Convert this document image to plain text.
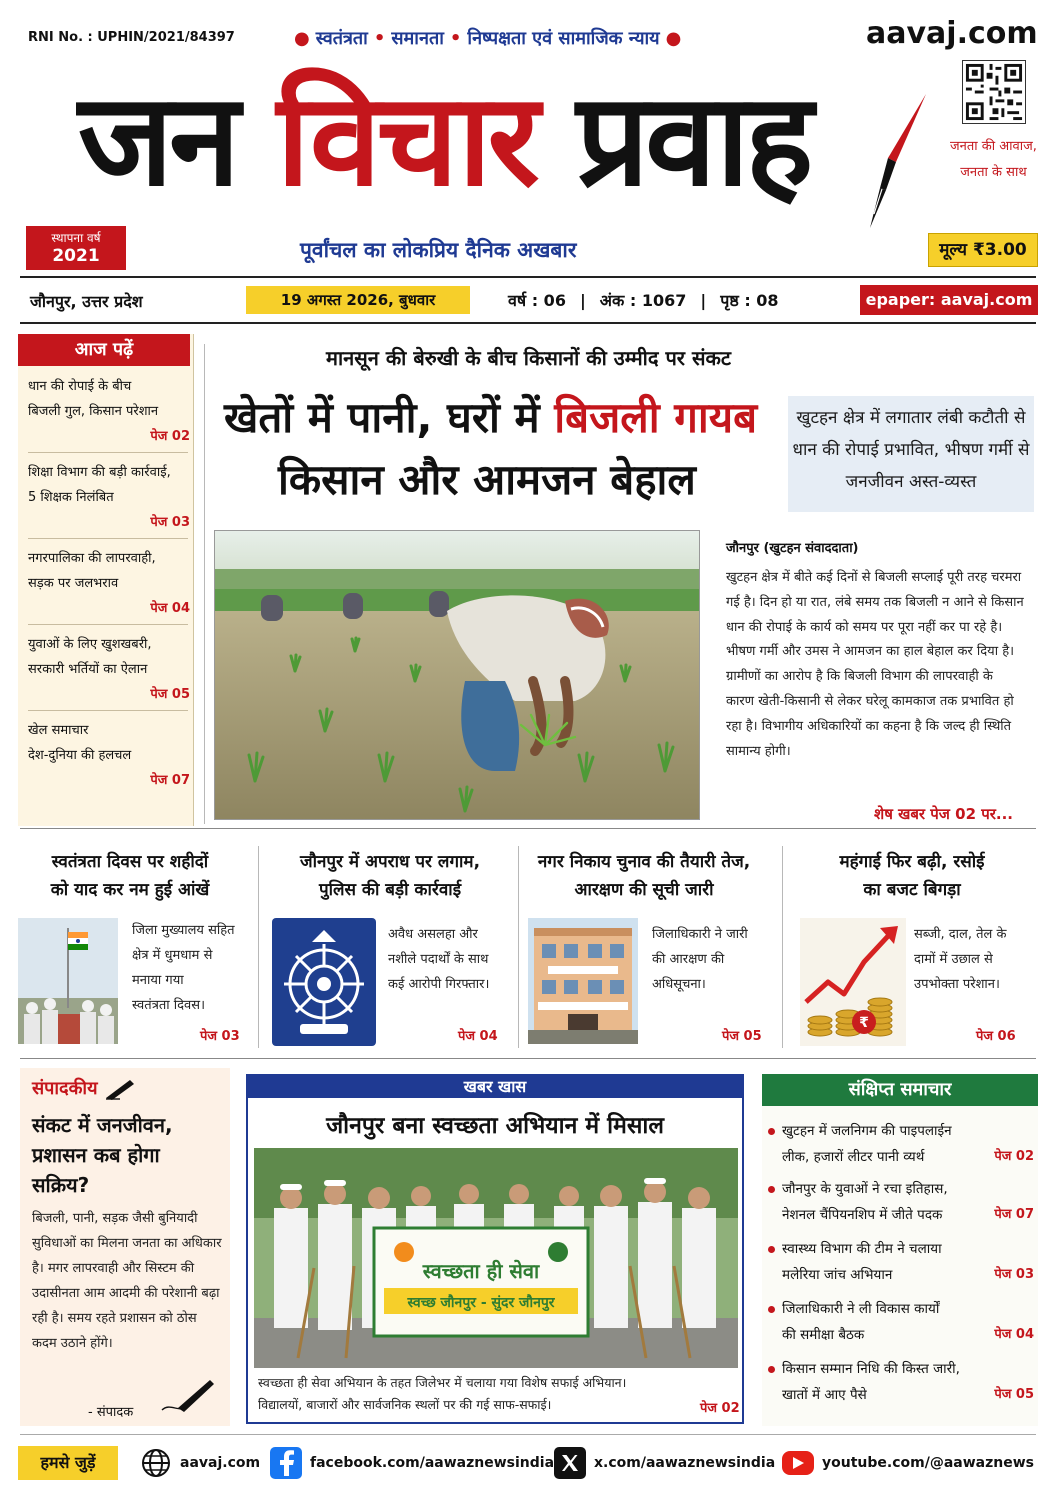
RNI No. : UPHIN/2021/84397	● स्वतंत्रता • समानता • निष्पक्षता एवं सामाजिक न्याय ●	aavaj.com
जन विचार प्रवाह	जनता की आवाज,
जनता के साथ
स्थापना वर्ष
2021	पूर्वांचल का लोकप्रिय दैनिक अखबार	मूल्य ₹3.00
जौनपुर, उत्तर प्रदेश	19 अगस्त 2026, बुधवार	वर्ष : 06 | अंक : 1067 | पृष्ठ : 08	epaper: aavaj.com
आज पढ़ें
धान की रोपाई के बीच
बिजली गुल, किसान परेशान
पेज 02
शिक्षा विभाग की बड़ी कार्रवाई,
5 शिक्षक निलंबित
पेज 03
नगरपालिका की लापरवाही,
सड़क पर जलभराव
पेज 04
युवाओं के लिए खुशखबरी,
सरकारी भर्तियों का ऐलान
पेज 05
खेल समाचार
देश-दुनिया की हलचल
पेज 07
मानसून की बेरुखी के बीच किसानों की उम्मीद पर संकट
खेतों में पानी, घरों में बिजली गायब
किसान और आमजन बेहाल
खुटहन क्षेत्र में लगातार लंबी कटौती से धान की रोपाई प्रभावित, भीषण गर्मी से जनजीवन अस्त-व्यस्त
जौनपुर (खुटहन संवाददाता)
खुटहन क्षेत्र में बीते कई दिनों से बिजली सप्लाई पूरी तरह चरमरा गई है। दिन हो या रात, लंबे समय तक बिजली न आने से किसान धान की रोपाई के कार्य को समय पर पूरा नहीं कर पा रहे है। भीषण गर्मी और उमस ने आमजन का हाल बेहाल कर दिया है। ग्रामीणों का आरोप है कि बिजली विभाग की लापरवाही के कारण खेती-किसानी से लेकर घरेलू कामकाज तक प्रभावित हो रहा है। विभागीय अधिकारियों का कहना है कि जल्द ही स्थिति सामान्य होगी।
शेष खबर पेज 02 पर...
स्वतंत्रता दिवस पर शहीदों
को याद कर नम हुई आंखें
जिला मुख्यालय सहित
क्षेत्र में धुमधाम से
मनाया गया
स्वतंत्रता दिवस।
पेज 03
जौनपुर में अपराध पर लगाम,
पुलिस की बड़ी कार्रवाई
अवैध असलहा और
नशीले पदार्थों के साथ
कई आरोपी गिरफ्तार।
पेज 04
नगर निकाय चुनाव की तैयारी तेज,
आरक्षण की सूची जारी
जिलाधिकारी ने जारी
की आरक्षण की
अधिसूचना।
पेज 05
महंगाई फिर बढ़ी, रसोई
का बजट बिगड़ा
₹
सब्जी, दाल, तेल के
दामों में उछाल से
उपभोक्ता परेशान।
पेज 06
संपादकीय
संकट में जनजीवन, प्रशासन कब होगा सक्रिय?
बिजली, पानी, सड़क जैसी बुनियादी सुविधाओं का मिलना जनता का अधिकार है। मगर लापरवाही और सिस्टम की उदासीनता आम आदमी की परेशानी बढ़ा रही है। समय रहते प्रशासन को ठोस कदम उठाने होंगे।
- संपादक
खबर खास
जौनपुर बना स्वच्छता अभियान में मिसाल
स्वच्छता ही सेवा
स्वच्छ जौनपुर - सुंदर जौनपुर
स्वच्छता ही सेवा अभियान के तहत जिलेभर में चलाया गया विशेष सफाई अभियान।
विद्यालयों, बाजारों और सार्वजनिक स्थलों पर की गई साफ-सफाई।	पेज 02
संक्षिप्त समाचार
खुटहन में जलनिगम की पाइपलाईन
लीक, हजारों लीटर पानी व्यर्थ	पेज 02
जौनपुर के युवाओं ने रचा इतिहास,
नेशनल चैंपियनशिप में जीते पदक	पेज 07
स्वास्थ्य विभाग की टीम ने चलाया
मलेरिया जांच अभियान	पेज 03
जिलाधिकारी ने ली विकास कार्यों
की समीक्षा बैठक	पेज 04
किसान सम्मान निधि की किस्त जारी,
खातों में आए पैसे	पेज 05
हमसे जुड़ें	aavaj.com	facebook.com/aawaznewsindia	x.com/aawaznewsindia	youtube.com/@aawaznews
